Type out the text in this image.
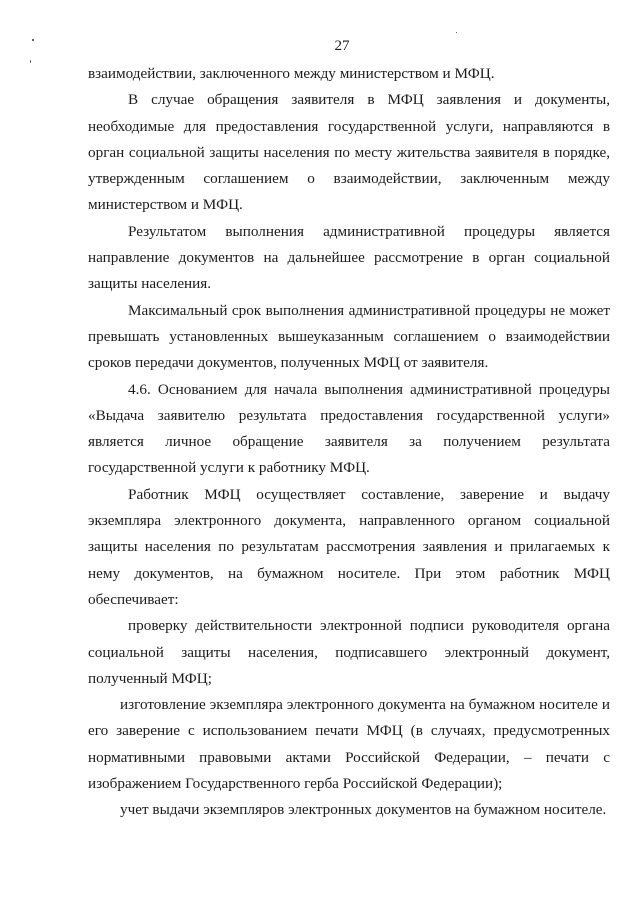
27

взаимодействии, заключенного между министерством и МФЦ.

В случае обращения заявителя в МФЦ заявления и документы, необходимые для предоставления государственной услуги, направляются в орган социальной защиты населения по месту жительства заявителя в порядке, утвержденным соглашением о взаимодействии, заключенным между министерством и МФЦ.

Результатом выполнения административной процедуры является направление документов на дальнейшее рассмотрение в орган социальной защиты населения.

Максимальный срок выполнения административной процедуры не может превышать установленных вышеуказанным соглашением о взаимодействии сроков передачи документов, полученных МФЦ от заявителя.

4.6. Основанием для начала выполнения административной процедуры «Выдача заявителю результата предоставления государственной услуги» является личное обращение заявителя за получением результата государственной услуги к работнику МФЦ.

Работник МФЦ осуществляет составление, заверение и выдачу экземпляра электронного документа, направленного органом социальной защиты населения по результатам рассмотрения заявления и прилагаемых к нему документов, на бумажном носителе. При этом работник МФЦ обеспечивает:

проверку действительности электронной подписи руководителя органа социальной защиты населения, подписавшего электронный документ, полученный МФЦ;

изготовление экземпляра электронного документа на бумажном носителе и его заверение с использованием печати МФЦ (в случаях, предусмотренных нормативными правовыми актами Российской Федерации, – печати с изображением Государственного герба Российской Федерации);

учет выдачи экземпляров электронных документов на бумажном носителе.
